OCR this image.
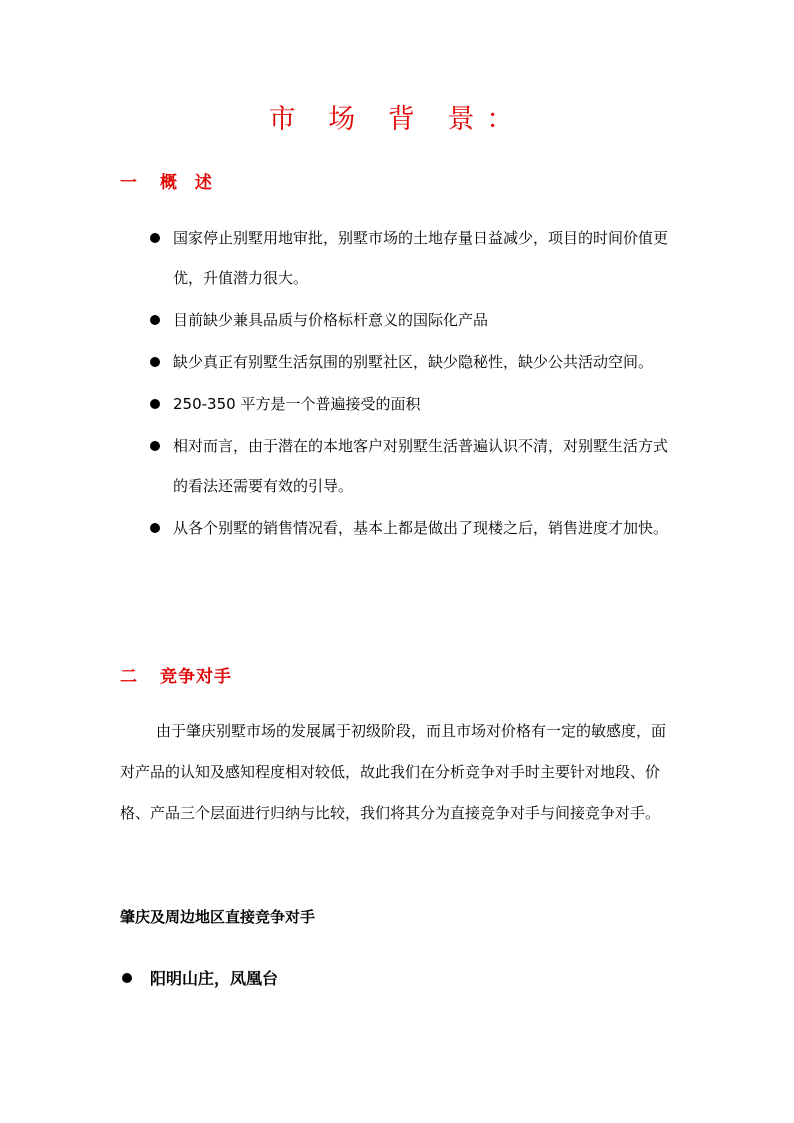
市 场 背 景：
一 概 述
国家停止别墅用地审批，别墅市场的土地存量日益减少，项目的时间价值更优，升值潜力很大。
目前缺少兼具品质与价格标杆意义的国际化产品
缺少真正有别墅生活氛围的别墅社区，缺少隐秘性，缺少公共活动空间。
250-350 平方是一个普遍接受的面积
相对而言，由于潜在的本地客户对别墅生活普遍认识不清，对别墅生活方式的看法还需要有效的引导。
从各个别墅的销售情况看，基本上都是做出了现楼之后，销售进度才加快。
二 竞争对手

由于肇庆别墅市场的发展属于初级阶段，而且市场对价格有一定的敏感度，面对产品的认知及感知程度相对较低，故此我们在分析竞争对手时主要针对地段、价格、产品三个层面进行归纳与比较，我们将其分为直接竞争对手与间接竞争对手。

肇庆及周边地区直接竞争对手
阳明山庄，凤凰台
